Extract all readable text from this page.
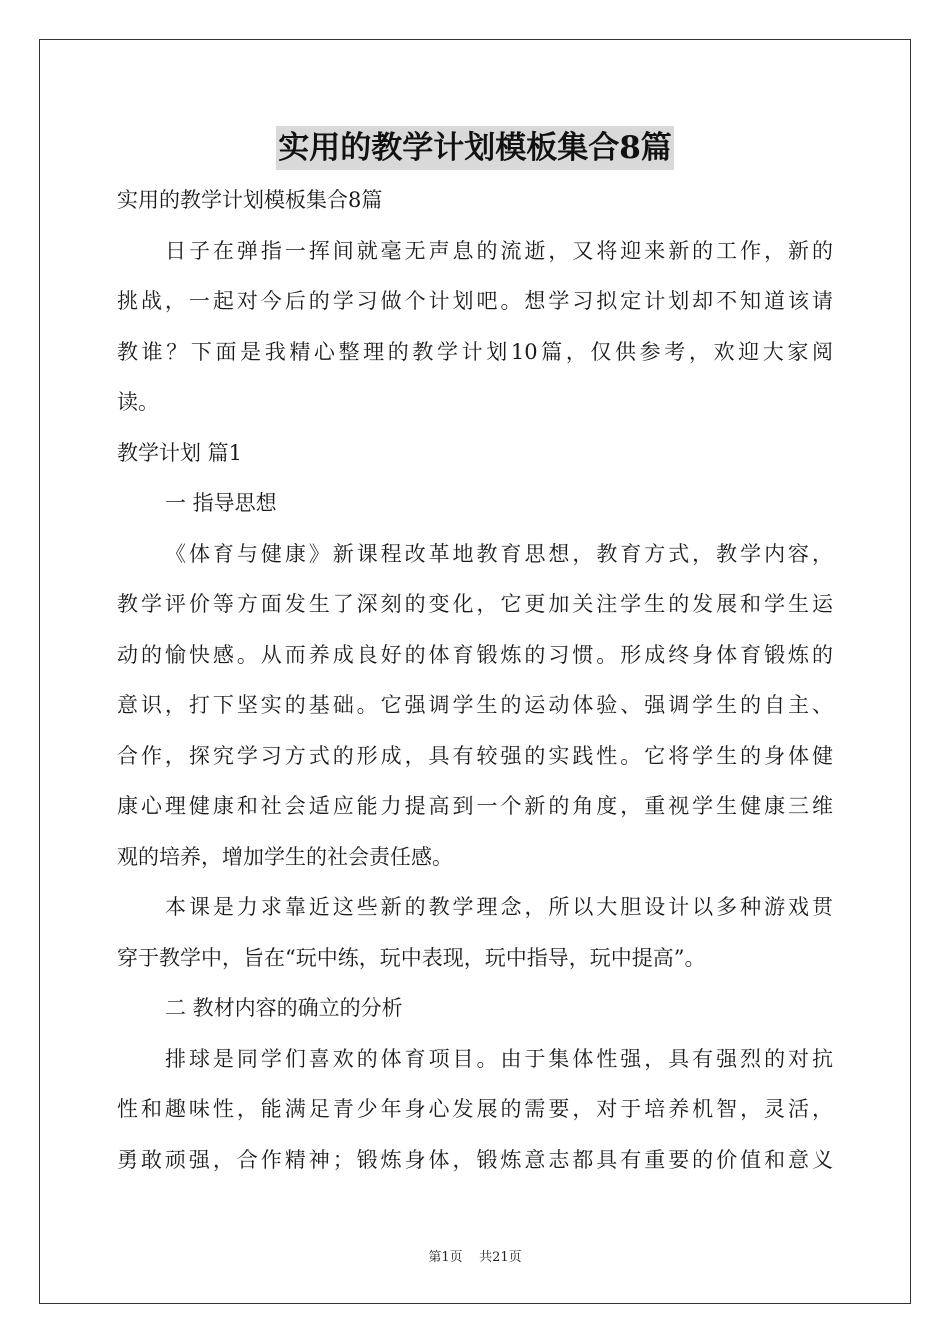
实用的教学计划模板集合8篇
实用的教学计划模板集合8篇
日子在弹指一挥间就毫无声息的流逝，又将迎来新的工作，新的
挑战，一起对今后的学习做个计划吧。想学习拟定计划却不知道该请
教谁？下面是我精心整理的教学计划10篇，仅供参考，欢迎大家阅
读。
教学计划 篇1
一 指导思想
《体育与健康》新课程改革地教育思想，教育方式，教学内容，
教学评价等方面发生了深刻的变化，它更加关注学生的发展和学生运
动的愉快感。从而养成良好的体育锻炼的习惯。形成终身体育锻炼的
意识，打下坚实的基础。它强调学生的运动体验、强调学生的自主、
合作，探究学习方式的形成，具有较强的实践性。它将学生的身体健
康心理健康和社会适应能力提高到一个新的角度，重视学生健康三维
观的培养，增加学生的社会责任感。
本课是力求靠近这些新的教学理念，所以大胆设计以多种游戏贯
穿于教学中，旨在“玩中练，玩中表现，玩中指导，玩中提高”。
二 教材内容的确立的分析
排球是同学们喜欢的体育项目。由于集体性强，具有强烈的对抗
性和趣味性，能满足青少年身心发展的需要，对于培养机智，灵活，
勇敢顽强，合作精神；锻炼身体，锻炼意志都具有重要的价值和意义
第1页 共21页
